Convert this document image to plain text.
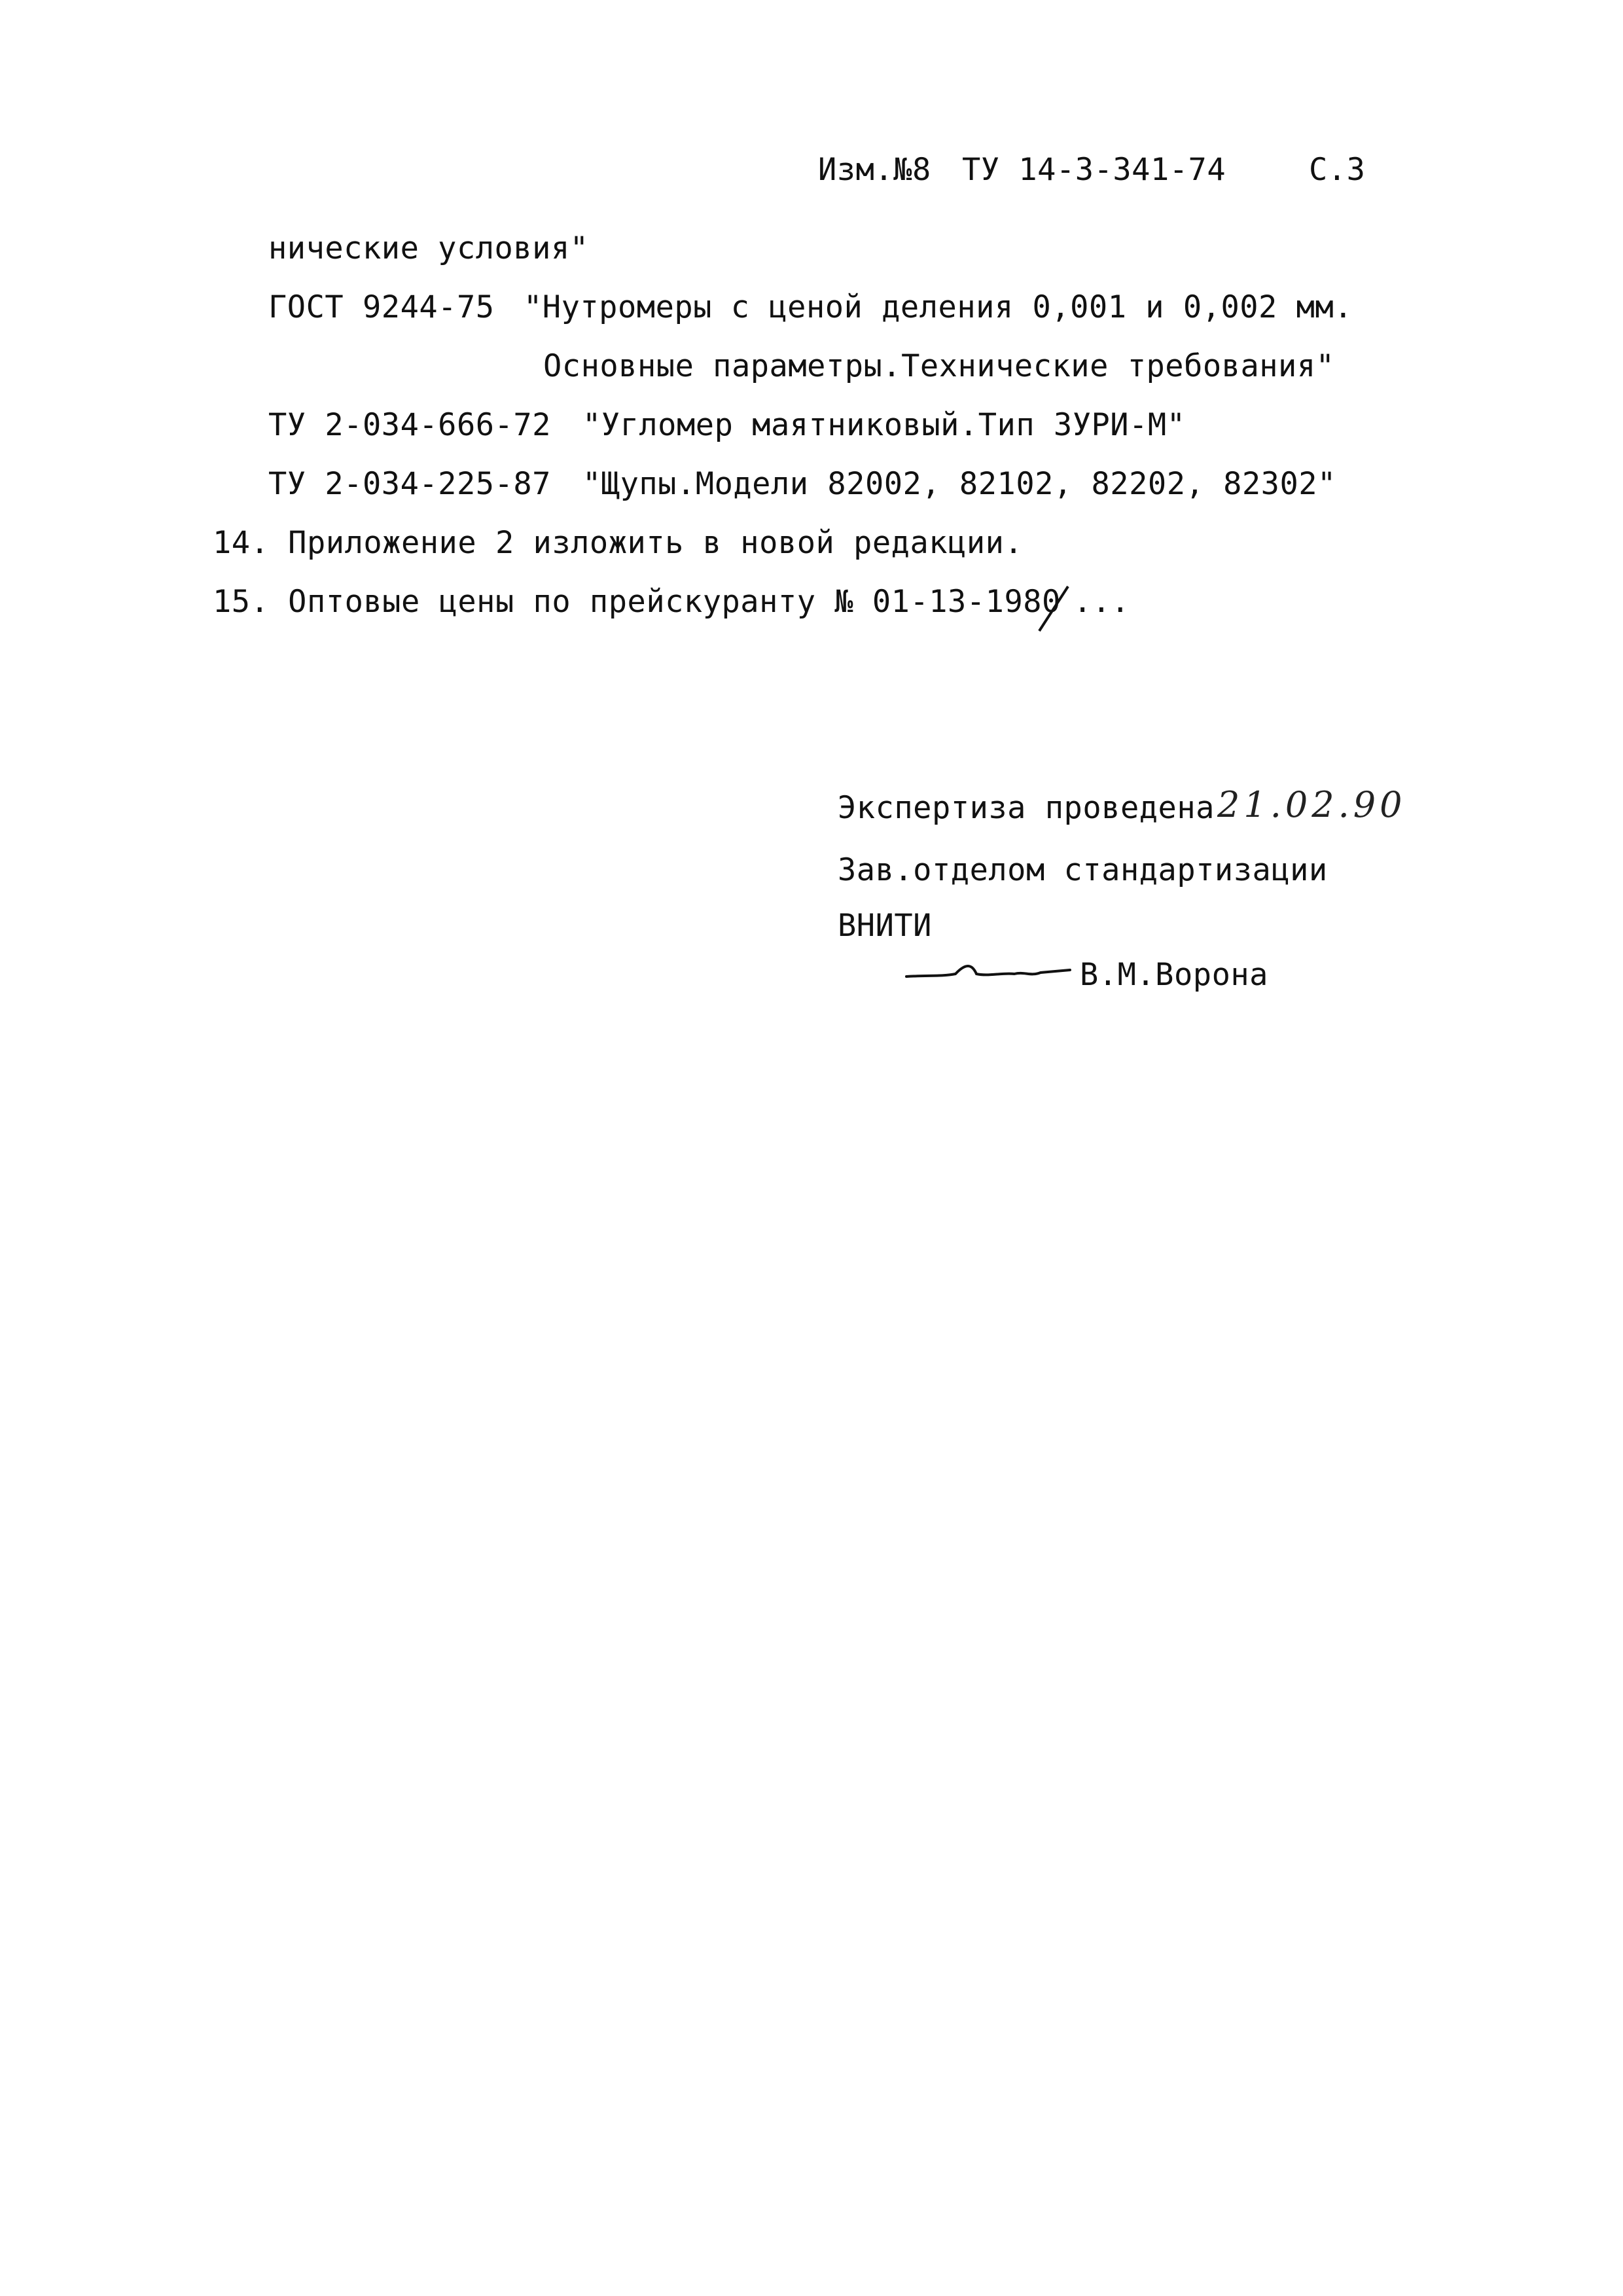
Изм.№8 ТУ 14-3-341-74	С.3
нические условия"
ГОСТ 9244-75 "Нутромеры с ценой деления 0,001 и 0,002 мм.
Основные параметры.Технические требования"
ТУ 2-034-666-72 "Угломер маятниковый.Тип 3УРИ-М"
ТУ 2-034-225-87 "Щупы.Модели 82002, 82102, 82202, 82302"
14. Приложение 2 изложить в новой редакции.
15. Оптовые цены по прейскуранту № 01-13-1980 ...
Экспертиза проведена 21.02.90
Зав.отделом стандартизации
ВНИТИ
В.М.Ворона
